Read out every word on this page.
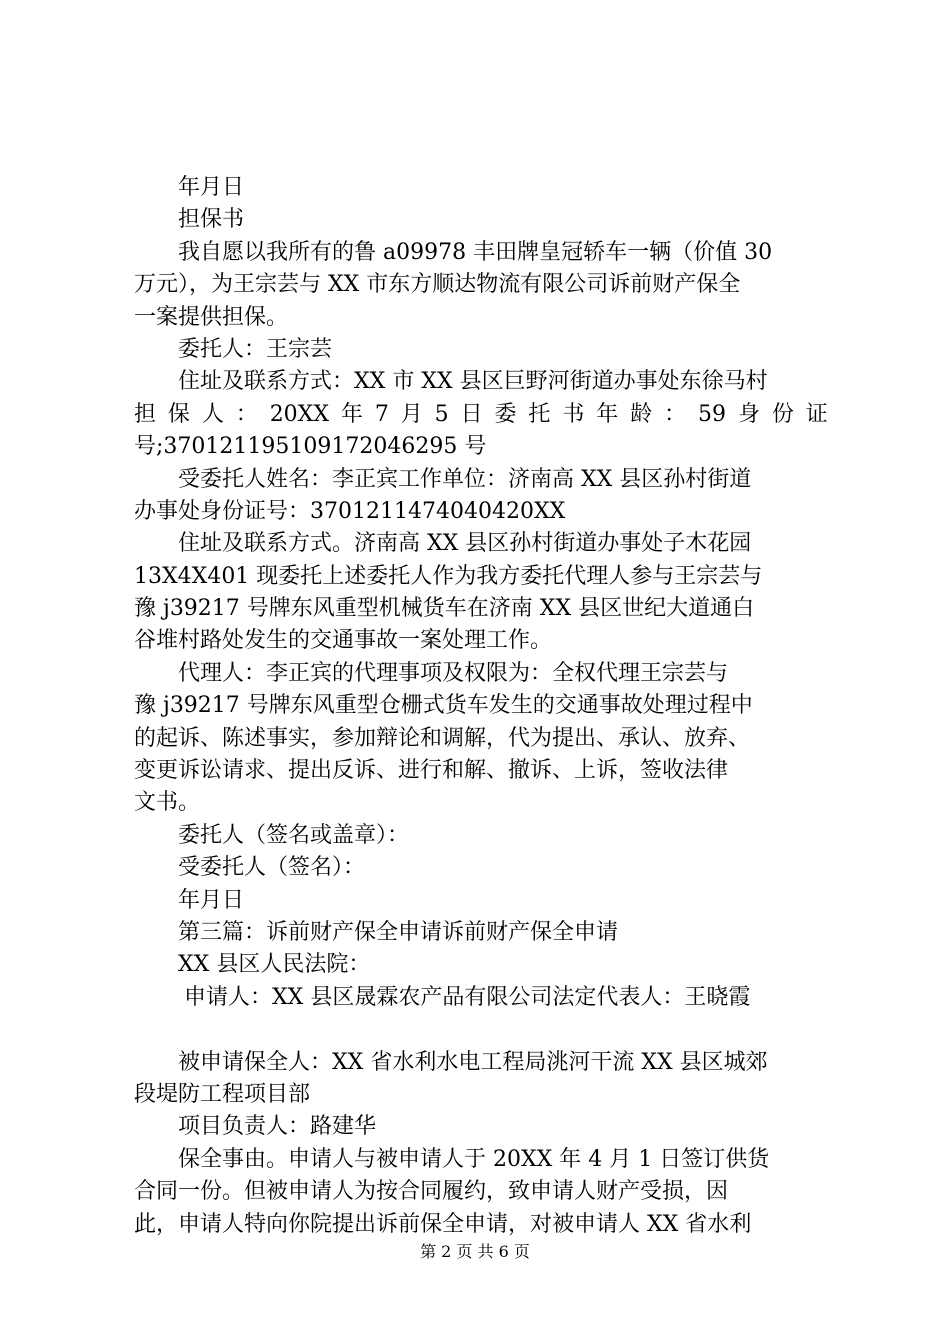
年月日
担保书
我自愿以我所有的鲁 a09978 丰田牌皇冠轿车一辆（价值 30
万元），为王宗芸与 XX 市东方顺达物流有限公司诉前财产保全
一案提供担保。
委托人：王宗芸
住址及联系方式：XX 市 XX 县区巨野河街道办事处东徐马村
担 保 人 ： 20XX 年 7 月 5 日 委 托 书 年 龄 ： 59 身 份 证
号;370121195109172046295 号
受委托人姓名：李正宾工作单位：济南高 XX 县区孙村街道
办事处身份证号：3701211474040420XX
住址及联系方式。济南高 XX 县区孙村街道办事处子木花园
13X4X401 现委托上述委托人作为我方委托代理人参与王宗芸与
豫 j39217 号牌东风重型机械货车在济南 XX 县区世纪大道通白
谷堆村路处发生的交通事故一案处理工作。
代理人：李正宾的代理事项及权限为：全权代理王宗芸与
豫 j39217 号牌东风重型仓栅式货车发生的交通事故处理过程中
的起诉、陈述事实，参加辩论和调解，代为提出、承认、放弃、
变更诉讼请求、提出反诉、进行和解、撤诉、上诉，签收法律
文书。
委托人（签名或盖章）：
受委托人（签名）：
年月日
第三篇：诉前财产保全申请诉前财产保全申请
XX 县区人民法院：
申请人：XX 县区晟霖农产品有限公司法定代表人：王晓霞
被申请保全人：XX 省水利水电工程局洮河干流 XX 县区城郊
段堤防工程项目部
项目负责人：路建华
保全事由。申请人与被申请人于 20XX 年 4 月 1 日签订供货
合同一份。但被申请人为按合同履约，致申请人财产受损，因
此，申请人特向你院提出诉前保全申请，对被申请人 XX 省水利
第 2 页 共 6 页
